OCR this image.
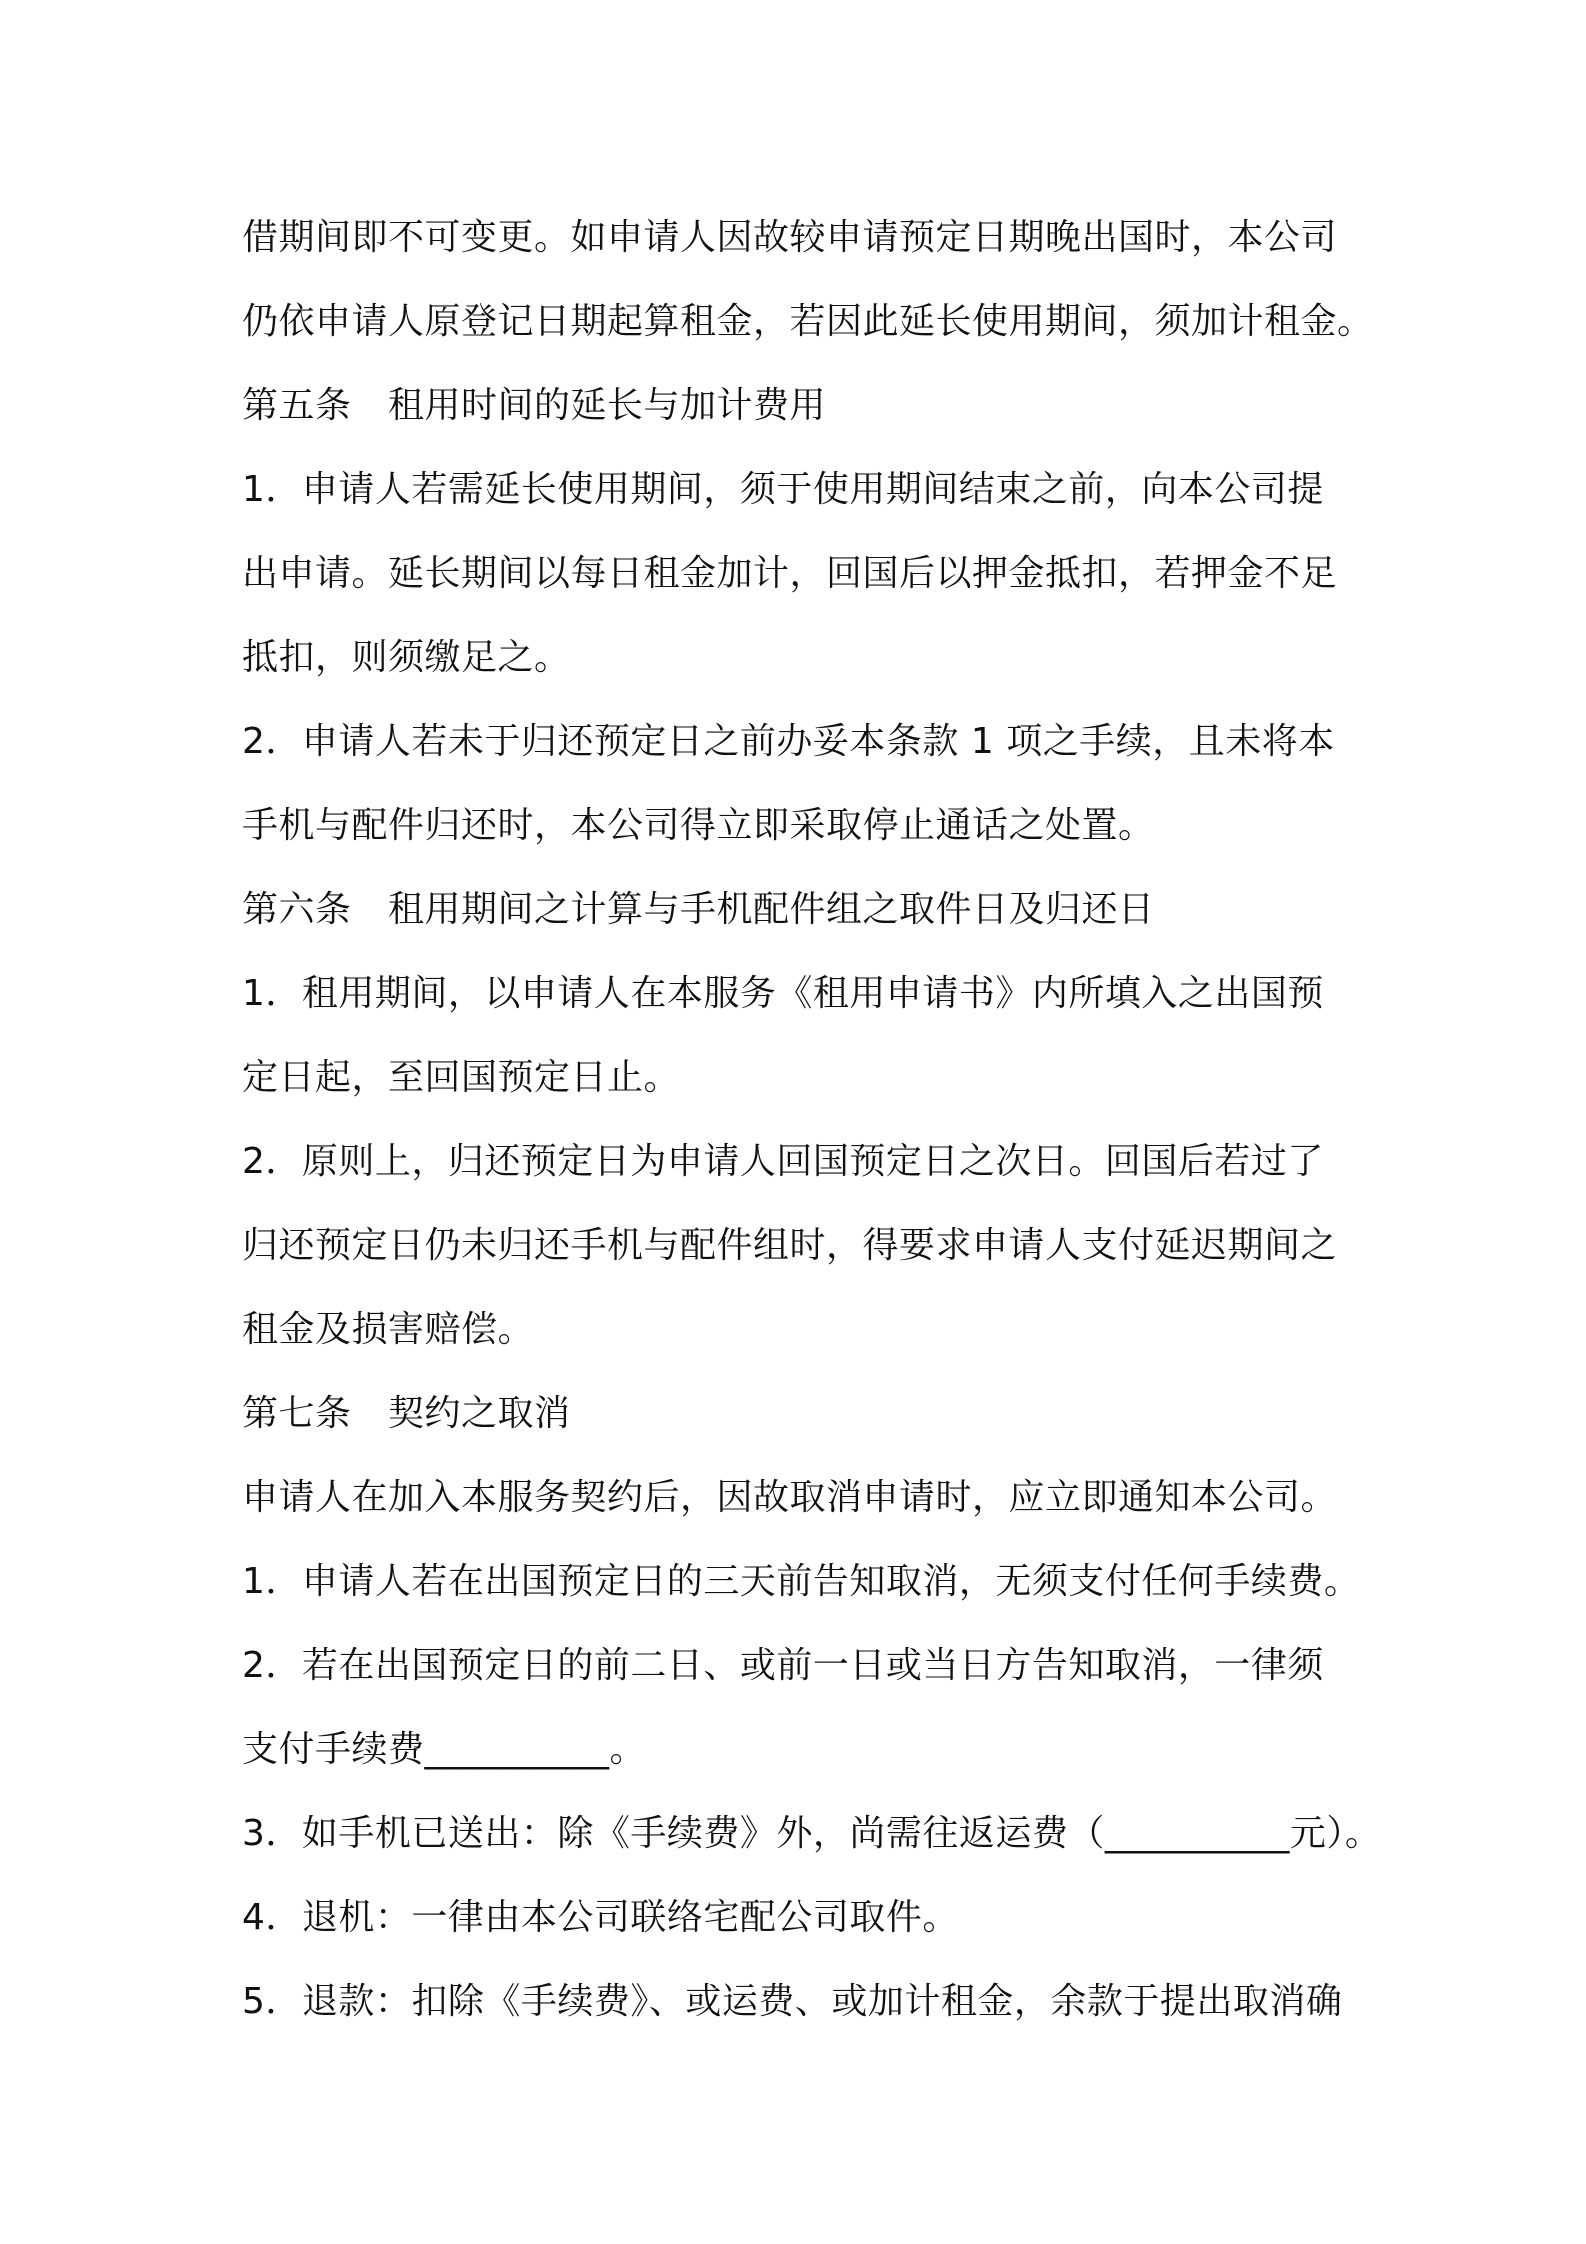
借期间即不可变更。如申请人因故较申请预定日期晚出国时，本公司
仍依申请人原登记日期起算租金，若因此延长使用期间，须加计租金。
第五条　租用时间的延长与加计费用
1．申请人若需延长使用期间，须于使用期间结束之前，向本公司提
出申请。延长期间以每日租金加计，回国后以押金抵扣，若押金不足
抵扣，则须缴足之。
2．申请人若未于归还预定日之前办妥本条款 1 项之手续，且未将本
手机与配件归还时，本公司得立即采取停止通话之处置。
第六条　租用期间之计算与手机配件组之取件日及归还日
1．租用期间，以申请人在本服务《租用申请书》内所填入之出国预
定日起，至回国预定日止。
2．原则上，归还预定日为申请人回国预定日之次日。回国后若过了
归还预定日仍未归还手机与配件组时，得要求申请人支付延迟期间之
租金及损害赔偿。
第七条　契约之取消
申请人在加入本服务契约后，因故取消申请时，应立即通知本公司。
1．申请人若在出国预定日的三天前告知取消，无须支付任何手续费。
2．若在出国预定日的前二日、或前一日或当日方告知取消，一律须
支付手续费__________。
3．如手机已送出：除《手续费》外，尚需往返运费（__________元）。
4．退机：一律由本公司联络宅配公司取件。
5．退款：扣除《手续费》、或运费、或加计租金，余款于提出取消确
